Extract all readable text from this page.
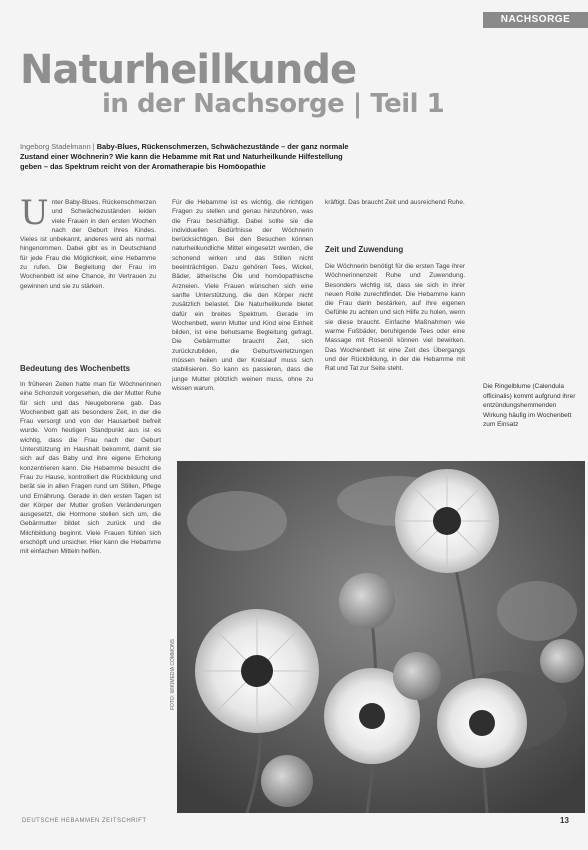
NACHSORGE
Naturheilkunde
in der Nachsorge | Teil 1
Ingeborg Stadelmann | Baby-Blues, Rückenschmerzen, Schwächezustände – der ganz normale Zustand einer Wöchnerin? Wie kann die Hebamme mit Rat und Naturheilkunde Hilfestellung geben – das Spektrum reicht von der Aromatherapie bis Homöopathie
Unter Baby-Blues, Rückenschmerzen und Schwächezuständen leiden viele Frauen in den ersten Wochen nach der Geburt ihres Kindes. Vieles ist unbekannt, anderes wird als normal hingenommen. Dabei gibt es in Deutschland für jede Frau die Möglichkeit, eine Hebamme zu rufen. Die Begleitung der Frau im Wochenbett ist eine Chance, ihr Vertrauen zu gewinnen und sie zu stärken.
Bedeutung des Wochenbetts

In früheren Zeiten hatte man für Wöchnerinnen eine Schonzeit vorgesehen, die der Mutter Ruhe für sich und das Neugeborene gab. Das Wochenbett galt als besondere Zeit, in der die Frau versorgt und von der Hausarbeit befreit wurde. Vom heutigen Standpunkt aus ist es wichtig, dass die Frau nach der Geburt Unterstützung im Haushalt bekommt, damit sie sich auf das Baby und ihre eigene Erholung konzentrieren kann. Die Hebamme besucht die Frau zu Hause, kontrolliert die Rückbildung und berät sie in allen Fragen rund um Stillen, Pflege und Ernährung. Gerade in den ersten Tagen ist der Körper der Mutter großen Veränderungen ausgesetzt, die Hormone stellen sich um, die Gebärmutter bildet sich zurück und die Milchbildung beginnt. Viele Frauen fühlen sich erschöpft und unsicher. Hier kann die Hebamme mit einfachen Mitteln helfen.

Für die Hebamme ist es wichtig, die richtigen Fragen zu stellen und genau hinzuhören, was die Frau beschäftigt. Dabei sollte sie die individuellen Bedürfnisse der Wöchnerin berücksichtigen. Bei den Besuchen können naturheilkundliche Mittel eingesetzt werden, die schonend wirken und das Stillen nicht beeinträchtigen. Dazu gehören Tees, Wickel, Bäder, ätherische Öle und homöopathische Arzneien. Viele Frauen wünschen sich eine sanfte Unterstützung, die den Körper nicht zusätzlich belastet. Die Naturheilkunde bietet dafür ein breites Spektrum. Gerade im Wochenbett, wenn Mutter und Kind eine Einheit bilden, ist eine behutsame Begleitung gefragt. Die Gebärmutter braucht Zeit, sich zurückzubilden, die Geburtsverletzungen müssen heilen und der Kreislauf muss sich stabilisieren. So kann es passieren, dass die junge Mutter plötzlich weinen muss, ohne zu wissen warum.

kräftigt. Das braucht Zeit und ausreichend Ruhe.

Zeit und Zuwendung

Die Wöchnerin benötigt für die ersten Tage ihrer Wöchnerinnenzeit Ruhe und Zuwendung. Besonders wichtig ist, dass sie sich in ihrer neuen Rolle zurechtfindet. Die Hebamme kann die Frau darin bestärken, auf ihre eigenen Gefühle zu achten und sich Hilfe zu holen, wenn sie diese braucht. Einfache Maßnahmen wie warme Fußbäder, beruhigende Tees oder eine Massage mit Rosenöl können viel bewirken. Das Wochenbett ist eine Zeit des Übergangs und der Rückbildung, in der die Hebamme mit Rat und Tat zur Seite steht.

Die Ringelblume (Calendula officinalis) kommt aufgrund ihrer entzündungshemmenden Wirkung häufig im Wochenbett zum Einsatz
FOTO: WIKIMEDIA COMMONS
DEUTSCHE HEBAMMEN ZEITSCHRIFT	13
